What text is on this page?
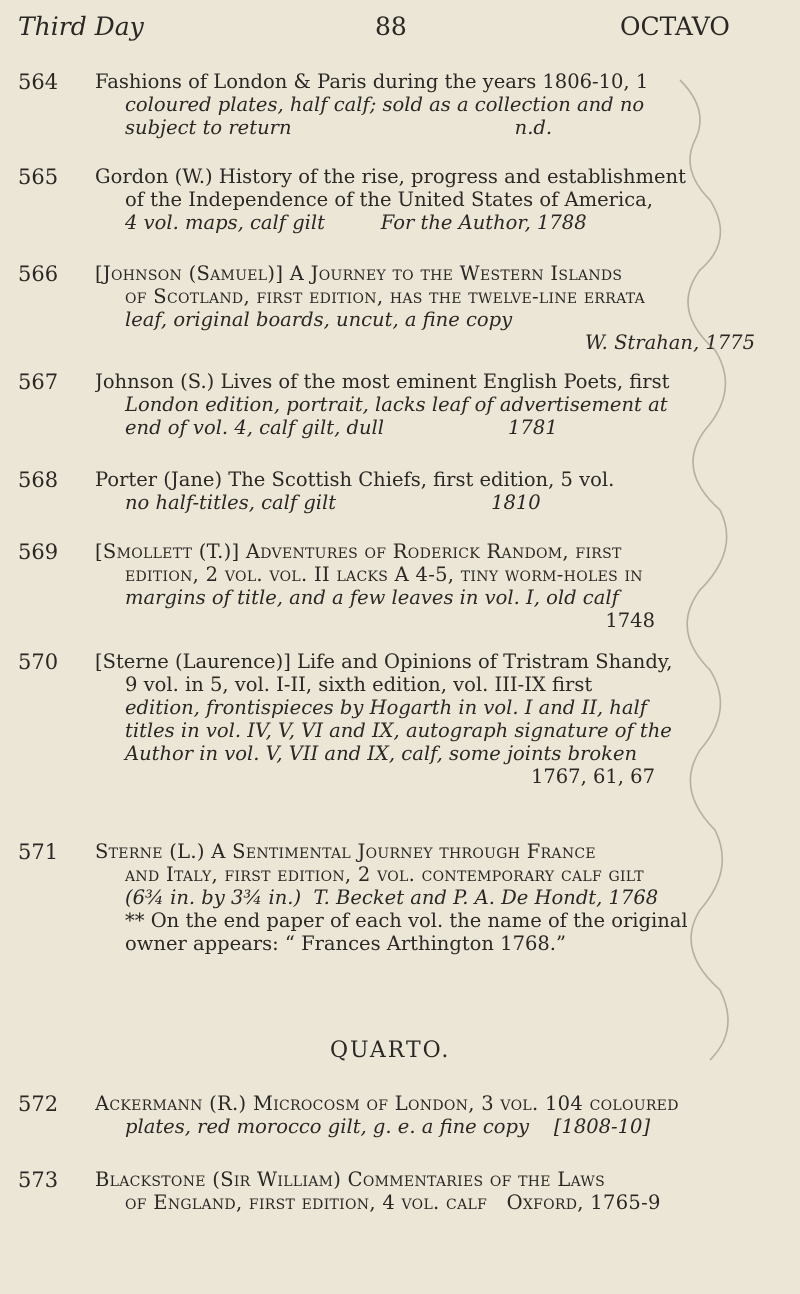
Third Day	88	OCTAVO
564 Fashions of London & Paris during the years 1806-10, 1

coloured plates, half calf; sold as a collection and no

subject to return                                    n.d.

565 Gordon (W.) History of the rise, progress and establishment

of the Independence of the United States of America,

4 vol. maps, calf gilt         For the Author, 1788

566 [Johnson (Samuel)] A Journey to the Western Islands

of Scotland, first edition, has the twelve-line errata

leaf, original boards, uncut, a fine copy

W. Strahan, 1775

567 Johnson (S.) Lives of the most eminent English Poets, first

London edition, portrait, lacks leaf of advertisement at

end of vol. 4, calf gilt, dull                    1781

568 Porter (Jane) The Scottish Chiefs, first edition, 5 vol.

no half-titles, calf gilt                         1810

569 [Smollett (T.)] Adventures of Roderick Random, first

edition, 2 vol. vol. II lacks A 4-5, tiny worm-holes in

margins of title, and a few leaves in vol. I, old calf

1748

570 [Sterne (Laurence)] Life and Opinions of Tristram Shandy,

9 vol. in 5, vol. I-II, sixth edition, vol. III-IX first

edition, frontispieces by Hogarth in vol. I and II, half

titles in vol. IV, V, VI and IX, autograph signature of the

Author in vol. V, VII and IX, calf, some joints broken

1767, 61, 67

571 Sterne (L.) A Sentimental Journey through France

and Italy, first edition, 2 vol. contemporary calf gilt

(6¾ in. by 3¾ in.)  T. Becket and P. A. De Hondt, 1768

** On the end paper of each vol. the name of the original

owner appears: “ Frances Arthington 1768.”

QUARTO.
572 Ackermann (R.) Microcosm of London, 3 vol. 104 coloured

plates, red morocco gilt, g. e. a fine copy    [1808-10]

573 Blackstone (Sir William) Commentaries of the Laws

of England, first edition, 4 vol. calf   Oxford, 1765-9
